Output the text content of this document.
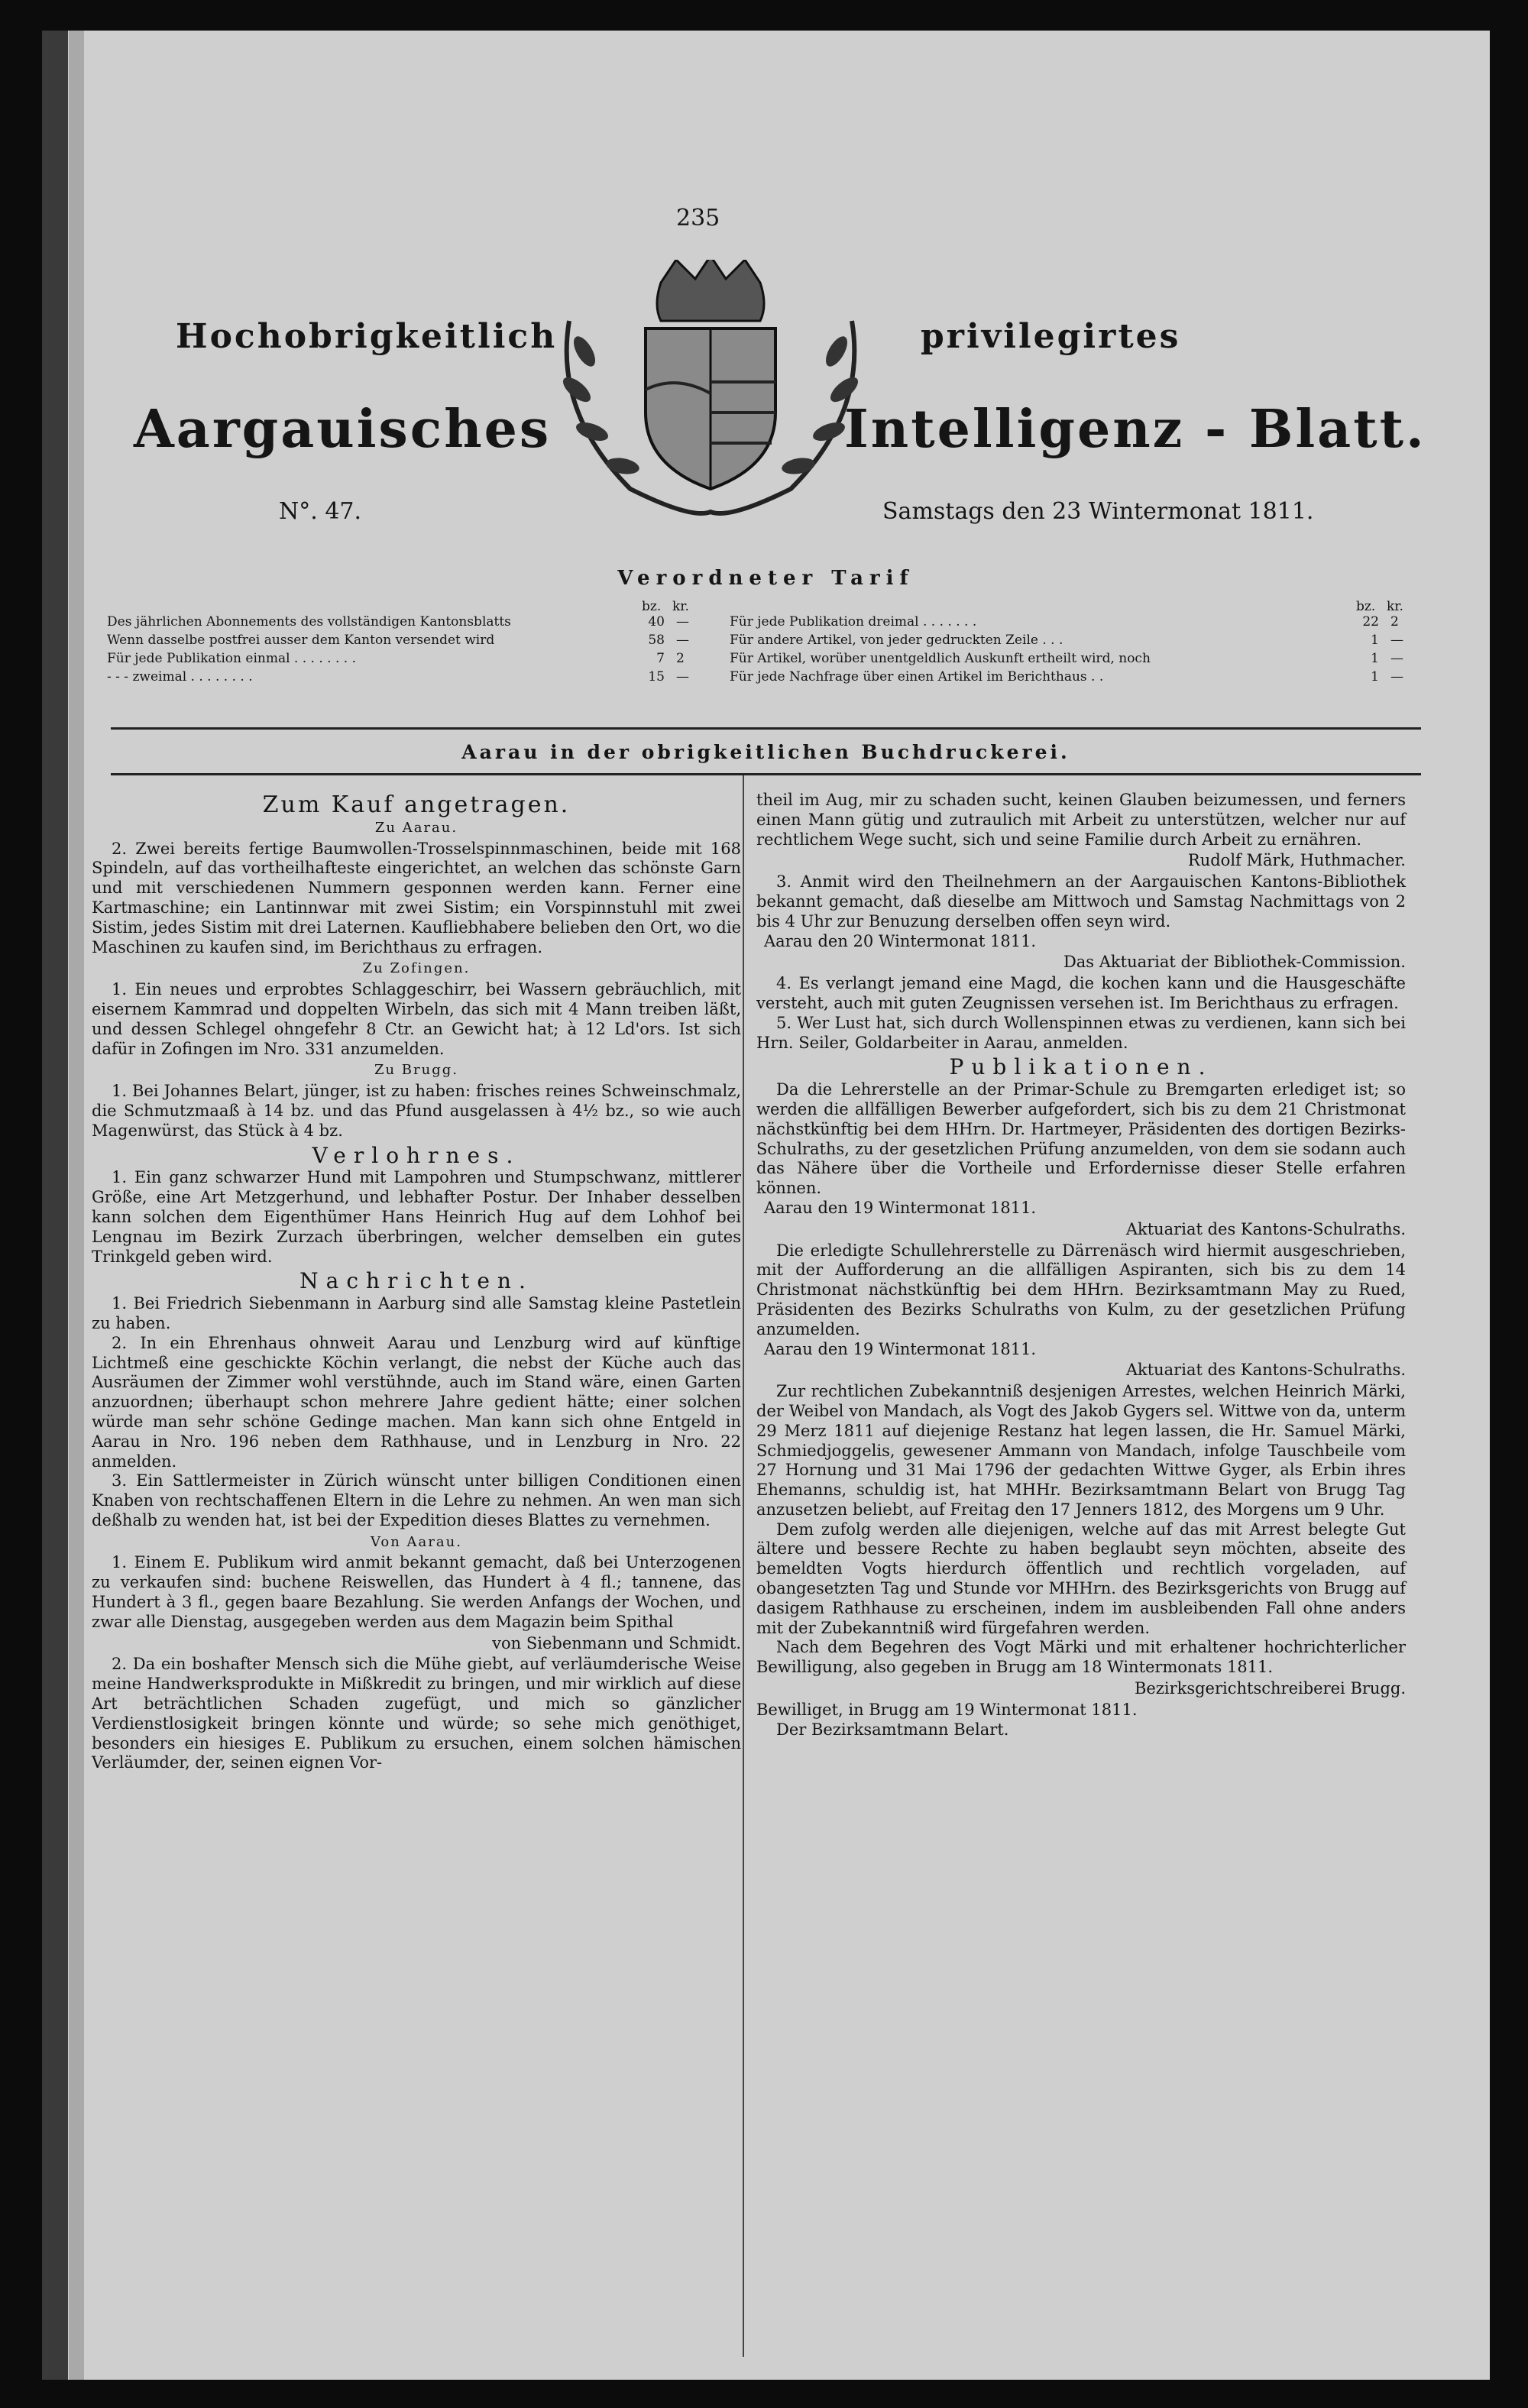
235
Hochobrigkeitlich	privilegirtes
Aargauisches	Intelligenz - Blatt.
N°. 47.	Samstags den 23 Wintermonat 1811.
Verordneter Tarif
bz. kr.
Des jährlichen Abonnements des vollständigen Kantonsblatts	40 —
Wenn dasselbe postfrei ausser dem Kanton versendet wird	58 —
Für jede Publikation einmal . . . . . . . .	7 2
- - - zweimal . . . . . . . .	15 —
bz. kr.
Für jede Publikation dreimal . . . . . . .	22 2
Für andere Artikel, von jeder gedruckten Zeile . . .	1 —
Für Artikel, worüber unentgeldlich Auskunft ertheilt wird, noch	1 —
Für jede Nachfrage über einen Artikel im Berichthaus . .	1 —
Aarau in der obrigkeitlichen Buchdruckerei.
Zum Kauf angetragen.
Zu Aarau.

2. Zwei bereits fertige Baumwollen-Trosselspinnmaschinen, beide mit 168 Spindeln, auf das vortheilhafteste eingerichtet, an welchen das schönste Garn und mit verschiedenen Nummern gesponnen werden kann. Ferner eine Kartmaschine; ein Lantinnwar mit zwei Sistim; ein Vorspinnstuhl mit zwei Sistim, jedes Sistim mit drei Laternen. Kaufliebhabere belieben den Ort, wo die Maschinen zu kaufen sind, im Berichthaus zu erfragen.

Zu Zofingen.

1. Ein neues und erprobtes Schlaggeschirr, bei Wassern gebräuchlich, mit eisernem Kammrad und doppelten Wirbeln, das sich mit 4 Mann treiben läßt, und dessen Schlegel ohngefehr 8 Ctr. an Gewicht hat; à 12 Ld'ors. Ist sich dafür in Zofingen im Nro. 331 anzumelden.

Zu Brugg.

1. Bei Johannes Belart, jünger, ist zu haben: frisches reines Schweinschmalz, die Schmutzmaaß à 14 bz. und das Pfund ausgelassen à 4½ bz., so wie auch Magenwürst, das Stück à 4 bz.

Verlohrnes.

1. Ein ganz schwarzer Hund mit Lampohren und Stumpschwanz, mittlerer Größe, eine Art Metzgerhund, und lebhafter Postur. Der Inhaber desselben kann solchen dem Eigenthümer Hans Heinrich Hug auf dem Lohhof bei Lengnau im Bezirk Zurzach überbringen, welcher demselben ein gutes Trinkgeld geben wird.

Nachrichten.

1. Bei Friedrich Siebenmann in Aarburg sind alle Samstag kleine Pastetlein zu haben.

2. In ein Ehrenhaus ohnweit Aarau und Lenzburg wird auf künftige Lichtmeß eine geschickte Köchin verlangt, die nebst der Küche auch das Ausräumen der Zimmer wohl verstühnde, auch im Stand wäre, einen Garten anzuordnen; überhaupt schon mehrere Jahre gedient hätte; einer solchen würde man sehr schöne Gedinge machen. Man kann sich ohne Entgeld in Aarau in Nro. 196 neben dem Rathhause, und in Lenzburg in Nro. 22 anmelden.

3. Ein Sattlermeister in Zürich wünscht unter billigen Conditionen einen Knaben von rechtschaffenen Eltern in die Lehre zu nehmen. An wen man sich deßhalb zu wenden hat, ist bei der Expedition dieses Blattes zu vernehmen.

Von Aarau.

1. Einem E. Publikum wird anmit bekannt gemacht, daß bei Unterzogenen zu verkaufen sind: buchene Reiswellen, das Hundert à 4 fl.; tannene, das Hundert à 3 fl., gegen baare Bezahlung. Sie werden Anfangs der Wochen, und zwar alle Dienstag, ausgegeben werden aus dem Magazin beim Spithal

von Siebenmann und Schmidt.

2. Da ein boshafter Mensch sich die Mühe giebt, auf verläumderische Weise meine Handwerksprodukte in Mißkredit zu bringen, und mir wirklich auf diese Art beträchtlichen Schaden zugefügt, und mich so gänzlicher Verdienstlosigkeit bringen könnte und würde; so sehe mich genöthiget, besonders ein hiesiges E. Publikum zu ersuchen, einem solchen hämischen Verläumder, der, seinen eignen Vor-

theil im Aug, mir zu schaden sucht, keinen Glauben beizumessen, und ferners einen Mann gütig und zutraulich mit Arbeit zu unterstützen, welcher nur auf rechtlichem Wege sucht, sich und seine Familie durch Arbeit zu ernähren.

Rudolf Märk, Huthmacher.

3. Anmit wird den Theilnehmern an der Aargauischen Kantons-Bibliothek bekannt gemacht, daß dieselbe am Mittwoch und Samstag Nachmittags von 2 bis 4 Uhr zur Benuzung derselben offen seyn wird.

Aarau den 20 Wintermonat 1811.

Das Aktuariat der Bibliothek-Commission.

4. Es verlangt jemand eine Magd, die kochen kann und die Hausgeschäfte versteht, auch mit guten Zeugnissen versehen ist. Im Berichthaus zu erfragen.

5. Wer Lust hat, sich durch Wollenspinnen etwas zu verdienen, kann sich bei Hrn. Seiler, Goldarbeiter in Aarau, anmelden.

Publikationen.

Da die Lehrerstelle an der Primar-Schule zu Bremgarten erlediget ist; so werden die allfälligen Bewerber aufgefordert, sich bis zu dem 21 Christmonat nächstkünftig bei dem HHrn. Dr. Hartmeyer, Präsidenten des dortigen Bezirks-Schulraths, zu der gesetzlichen Prüfung anzumelden, von dem sie sodann auch das Nähere über die Vortheile und Erfordernisse dieser Stelle erfahren können.

Aarau den 19 Wintermonat 1811.

Aktuariat des Kantons-Schulraths.

Die erledigte Schullehrerstelle zu Därrenäsch wird hiermit ausgeschrieben, mit der Aufforderung an die allfälligen Aspiranten, sich bis zu dem 14 Christmonat nächstkünftig bei dem HHrn. Bezirksamtmann May zu Rued, Präsidenten des Bezirks Schulraths von Kulm, zu der gesetzlichen Prüfung anzumelden.

Aarau den 19 Wintermonat 1811.

Aktuariat des Kantons-Schulraths.

Zur rechtlichen Zubekanntniß desjenigen Arrestes, welchen Heinrich Märki, der Weibel von Mandach, als Vogt des Jakob Gygers sel. Wittwe von da, unterm 29 Merz 1811 auf diejenige Restanz hat legen lassen, die Hr. Samuel Märki, Schmiedjoggelis, gewesener Ammann von Mandach, infolge Tauschbeile vom 27 Hornung und 31 Mai 1796 der gedachten Wittwe Gyger, als Erbin ihres Ehemanns, schuldig ist, hat MHHr. Bezirksamtmann Belart von Brugg Tag anzusetzen beliebt, auf Freitag den 17 Jenners 1812, des Morgens um 9 Uhr.

Dem zufolg werden alle diejenigen, welche auf das mit Arrest belegte Gut ältere und bessere Rechte zu haben beglaubt seyn möchten, abseite des bemeldten Vogts hierdurch öffentlich und rechtlich vorgeladen, auf obangesetzten Tag und Stunde vor MHHrn. des Bezirksgerichts von Brugg auf dasigem Rathhause zu erscheinen, indem im ausbleibenden Fall ohne anders mit der Zubekanntniß wird fürgefahren werden.

Nach dem Begehren des Vogt Märki und mit erhaltener hochrichterlicher Bewilligung, also gegeben in Brugg am 18 Wintermonats 1811.

Bezirksgerichtschreiberei Brugg.

Bewilliget, in Brugg am 19 Wintermonat 1811.

Der Bezirksamtmann Belart.
